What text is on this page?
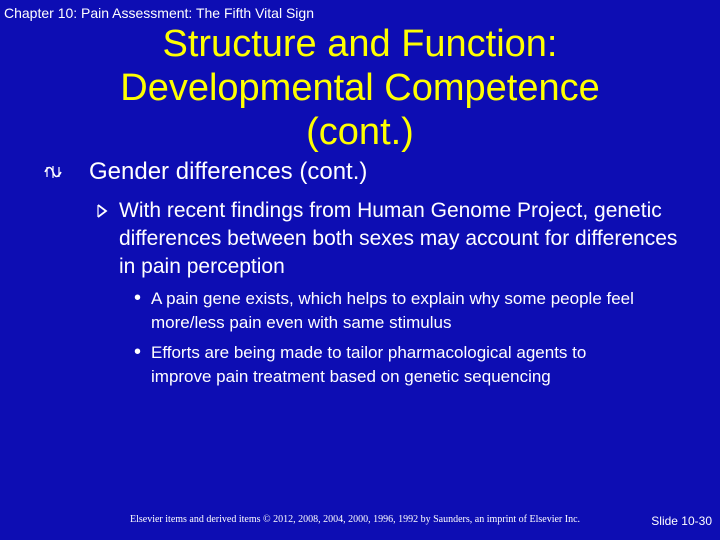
Chapter 10: Pain Assessment: The Fifth Vital Sign
Structure and Function:
Developmental Competence
(cont.)
Gender differences (cont.)
With recent findings from Human Genome Project, genetic differences between both sexes may account for differences in pain perception
• A pain gene exists, which helps to explain why some people feel more/less pain even with same stimulus
• Efforts are being made to tailor pharmacological agents to improve pain treatment based on genetic sequencing
Elsevier items and derived items © 2012, 2008, 2004, 2000, 1996, 1992 by Saunders, an imprint of Elsevier Inc.	Slide 10-30
